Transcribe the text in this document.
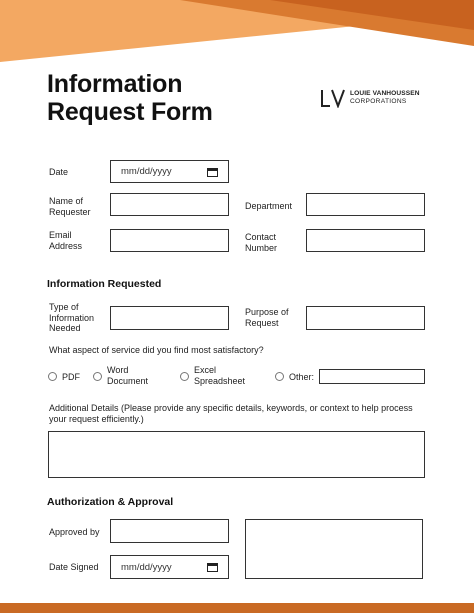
Information
Request Form
LOUIE VANHOUSSEN
CORPORATIONS
Date	mm/dd/yyyy
Name of
Requester
Department
Email
Address
Contact
Number
Information Requested
Type of
Information
Needed
Purpose of
Request
What aspect of service did you find most satisfactory?
PDF
Word
Document
Excel
Spreadsheet	Other:
Additional Details (Please provide any specific details, keywords, or context to help process
your request efficiently.)
Authorization & Approval
Approved by
Date Signed mm/dd/yyyy
